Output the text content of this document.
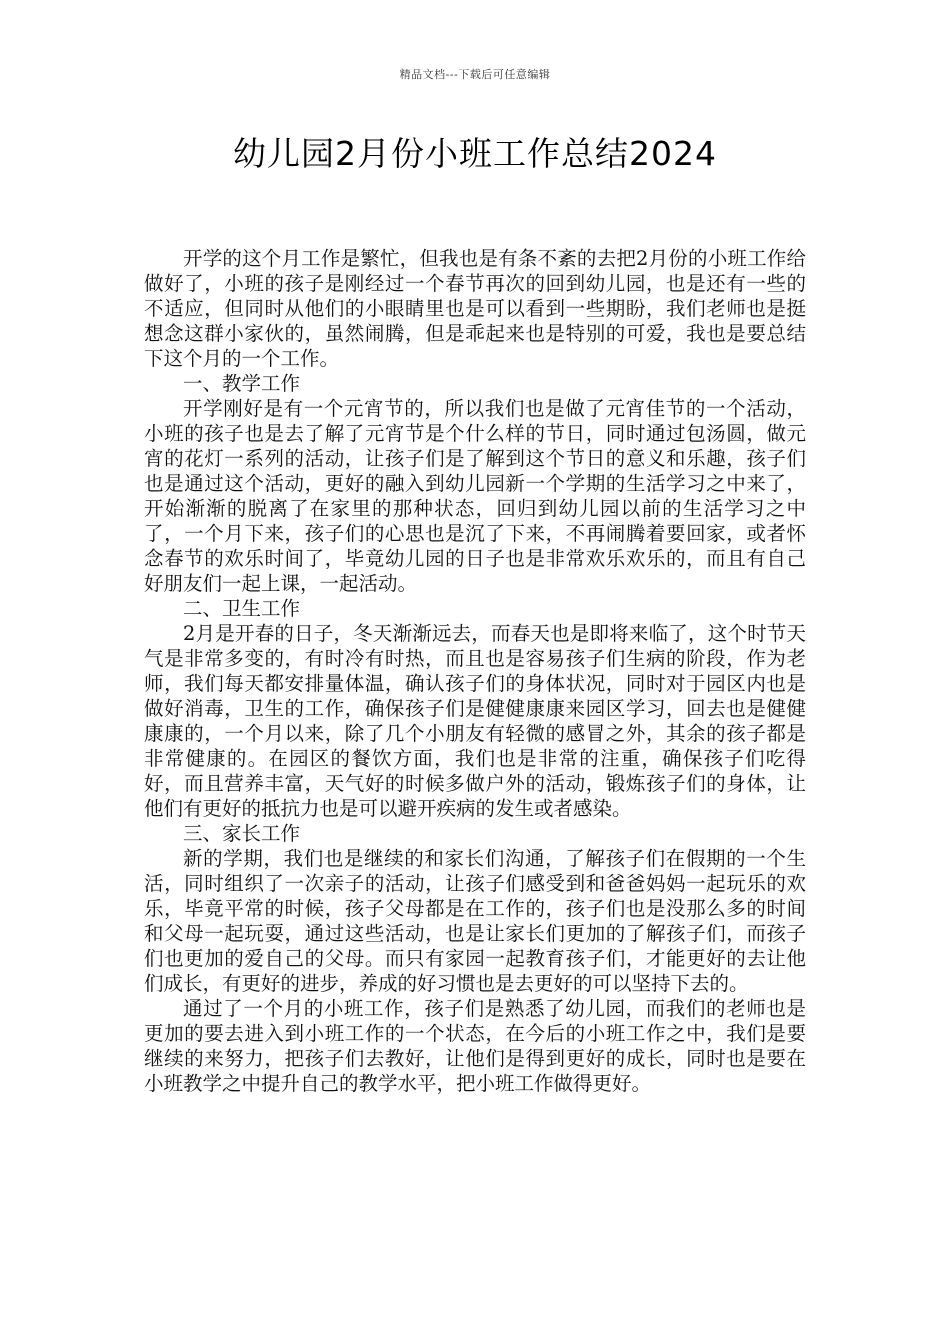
精品文档---下载后可任意编辑
幼儿园2月份小班工作总结2024

开学的这个月工作是繁忙，但我也是有条不紊的去把2月份的小班工作给做好了，小班的孩子是刚经过一个春节再次的回到幼儿园，也是还有一些的不适应，但同时从他们的小眼睛里也是可以看到一些期盼，我们老师也是挺想念这群小家伙的，虽然闹腾，但是乖起来也是特别的可爱，我也是要总结下这个月的一个工作。

一、教学工作

开学刚好是有一个元宵节的，所以我们也是做了元宵佳节的一个活动，小班的孩子也是去了解了元宵节是个什么样的节日，同时通过包汤圆，做元宵的花灯一系列的活动，让孩子们是了解到这个节日的意义和乐趣，孩子们也是通过这个活动，更好的融入到幼儿园新一个学期的生活学习之中来了，开始渐渐的脱离了在家里的那种状态，回归到幼儿园以前的生活学习之中了，一个月下来，孩子们的心思也是沉了下来，不再闹腾着要回家，或者怀念春节的欢乐时间了，毕竟幼儿园的日子也是非常欢乐欢乐的，而且有自己好朋友们一起上课，一起活动。

二、卫生工作

2月是开春的日子，冬天渐渐远去，而春天也是即将来临了，这个时节天气是非常多变的，有时冷有时热，而且也是容易孩子们生病的阶段，作为老师，我们每天都安排量体温，确认孩子们的身体状况，同时对于园区内也是做好消毒，卫生的工作，确保孩子们是健健康康来园区学习，回去也是健健康康的，一个月以来，除了几个小朋友有轻微的感冒之外，其余的孩子都是非常健康的。在园区的餐饮方面，我们也是非常的注重，确保孩子们吃得好，而且营养丰富，天气好的时候多做户外的活动，锻炼孩子们的身体，让他们有更好的抵抗力也是可以避开疾病的发生或者感染。

三、家长工作

新的学期，我们也是继续的和家长们沟通，了解孩子们在假期的一个生活，同时组织了一次亲子的活动，让孩子们感受到和爸爸妈妈一起玩乐的欢乐，毕竟平常的时候，孩子父母都是在工作的，孩子们也是没那么多的时间和父母一起玩耍，通过这些活动，也是让家长们更加的了解孩子们，而孩子们也更加的爱自己的父母。而只有家园一起教育孩子们，才能更好的去让他们成长，有更好的进步，养成的好习惯也是去更好的可以坚持下去的。

通过了一个月的小班工作，孩子们是熟悉了幼儿园，而我们的老师也是更加的要去进入到小班工作的一个状态，在今后的小班工作之中，我们是要继续的来努力，把孩子们去教好，让他们是得到更好的成长，同时也是要在小班教学之中提升自己的教学水平，把小班工作做得更好。
